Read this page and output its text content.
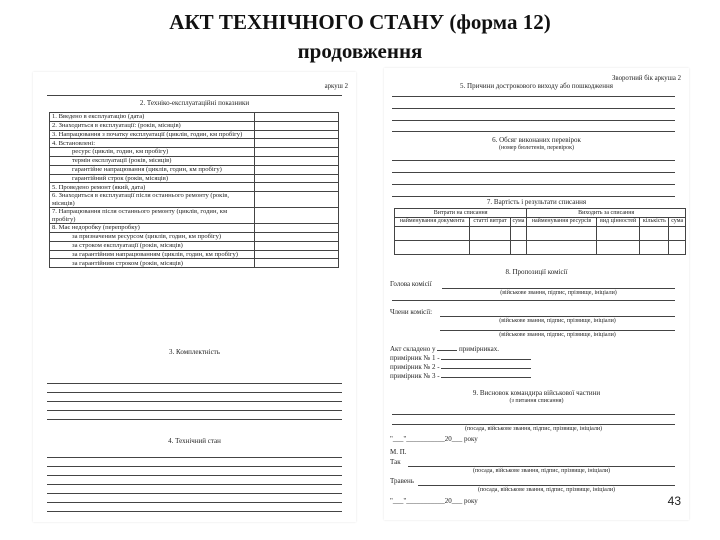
АКТ ТЕХНІЧНОГО СТАНУ (форма 12)
продовження
аркуш 2
2. Технiко-експлуатаційні показники
1. Введено в експлуатацію (дата)	
2. Знаходиться в експлуатації: (років, місяців)	
3. Напрацювання з початку експлуатації (циклів, годин, км пробігу)	
4. Встановлені:	
ресурс (циклів, годин, км пробігу)	
термін експлуатації (років, місяців)	
гарантійне напрацювання (циклів, годин, км пробігу)	
гарантійний строк (років, місяців)	
5. Проведено ремонт (який, дата)	
6. Знаходиться в експлуатації після останнього ремонту (років, місяців)	
7. Напрацювання після останнього ремонту (циклів, годин, км пробігу)	
8. Має недоробку (перепробку)	
за призначеним ресурсом (циклів, годин, км пробігу)	
за строком експлуатації (років, місяців)	
за гарантійним напрацюванням (циклів, годин, км пробігу)	
за гарантійним строком (років, місяців)	
3. Комплектність
4. Технічний стан
Зворотний бік аркуша 2
5. Причини дострокового виходу або пошкодження
6. Обсяг виконаних перевірок
(номер бюлетенів, перевірок)
7. Вартість і результати списання
Витрати на списання			Виходить за списання			
найменування документа	статті витрат	сума	найменування ресурсів	вид цінностей	кількість	сума

8. Пропозиції комісії
Голова комісії
(військове звання, підпис, прізвище, ініціали)
Члени комісії:
(військове звання, підпис, прізвище, ініціали)
(військове звання, підпис, прізвище, ініціали)
Акт складено у	примірниках.
примірник № 1 -
примірник № 2 -
примірник № 3 -
9. Висновок командира військової частини
(з питання списання)
(посада, військове звання, підпис, прізвище, ініціали)
"___"___________20___ року
М. П.
Так
(посада, військове звання, підпис, прізвище, ініціали)
Травень
(посада, військове звання, підпис, прізвище, ініціали)
"___"___________20___ року	43
